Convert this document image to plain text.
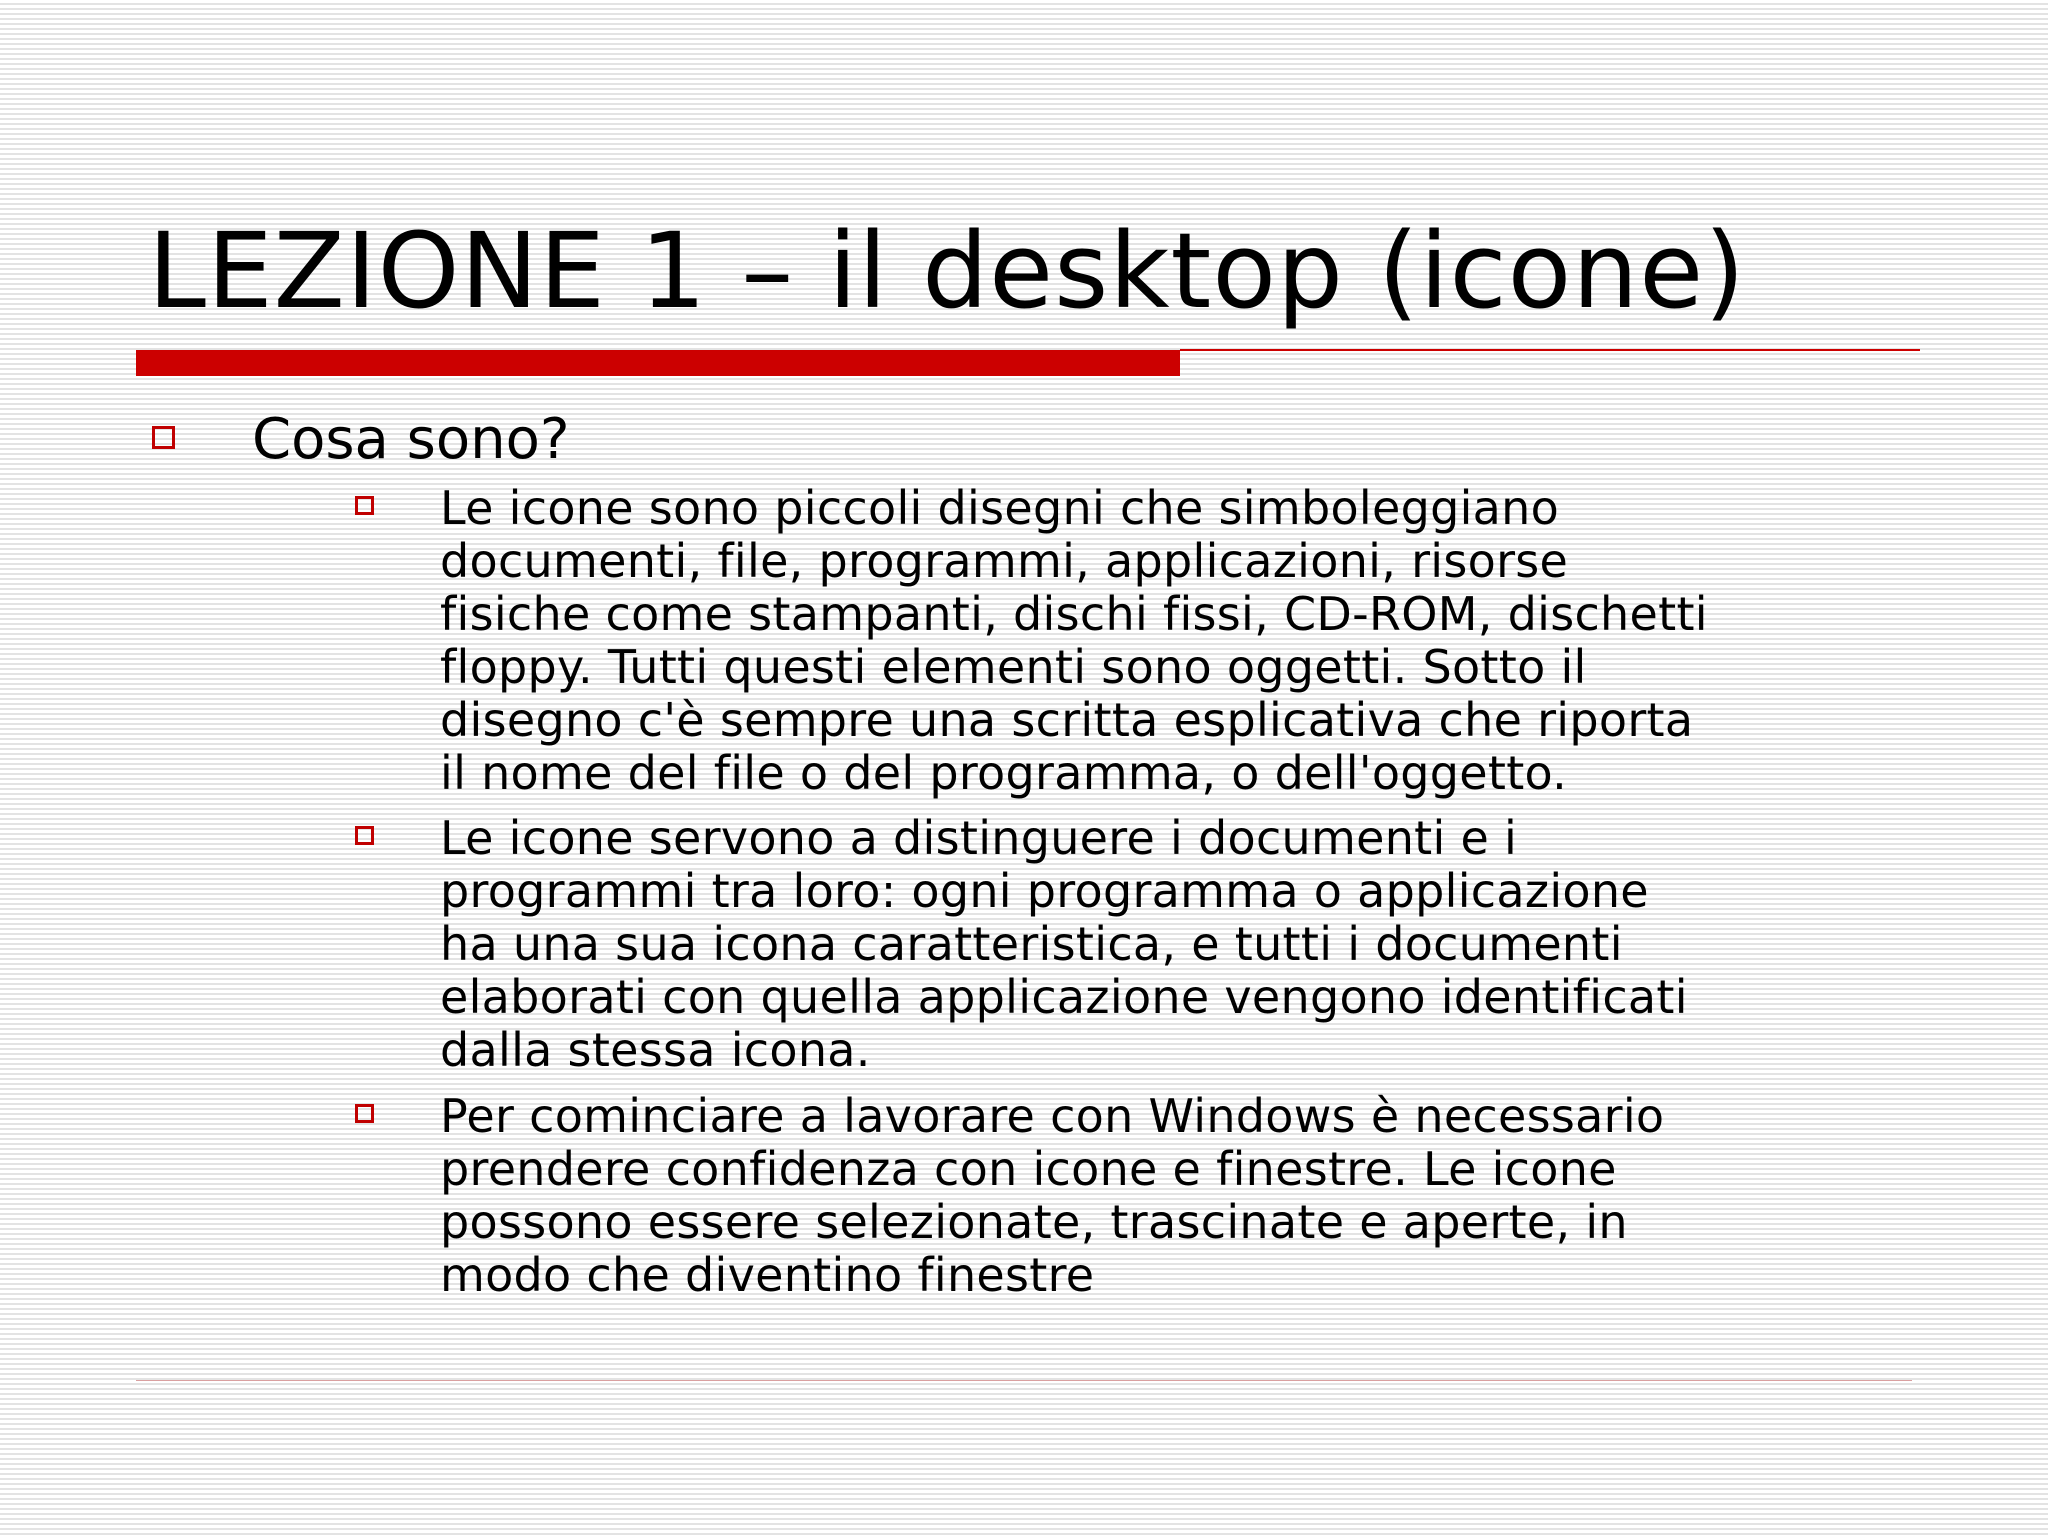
LEZIONE 1 – il desktop (icone)
Cosa sono?
Le icone sono piccoli disegni che simboleggiano
documenti, file, programmi, applicazioni, risorse
fisiche come stampanti, dischi fissi, CD-ROM, dischetti
floppy. Tutti questi elementi sono oggetti. Sotto il
disegno c'è sempre una scritta esplicativa che riporta
il nome del file o del programma, o dell'oggetto.
Le icone servono a distinguere i documenti e i
programmi tra loro: ogni programma o applicazione
ha una sua icona caratteristica, e tutti i documenti
elaborati con quella applicazione vengono identificati
dalla stessa icona.
Per cominciare a lavorare con Windows è necessario
prendere confidenza con icone e finestre. Le icone
possono essere selezionate, trascinate e aperte, in
modo che diventino finestre
